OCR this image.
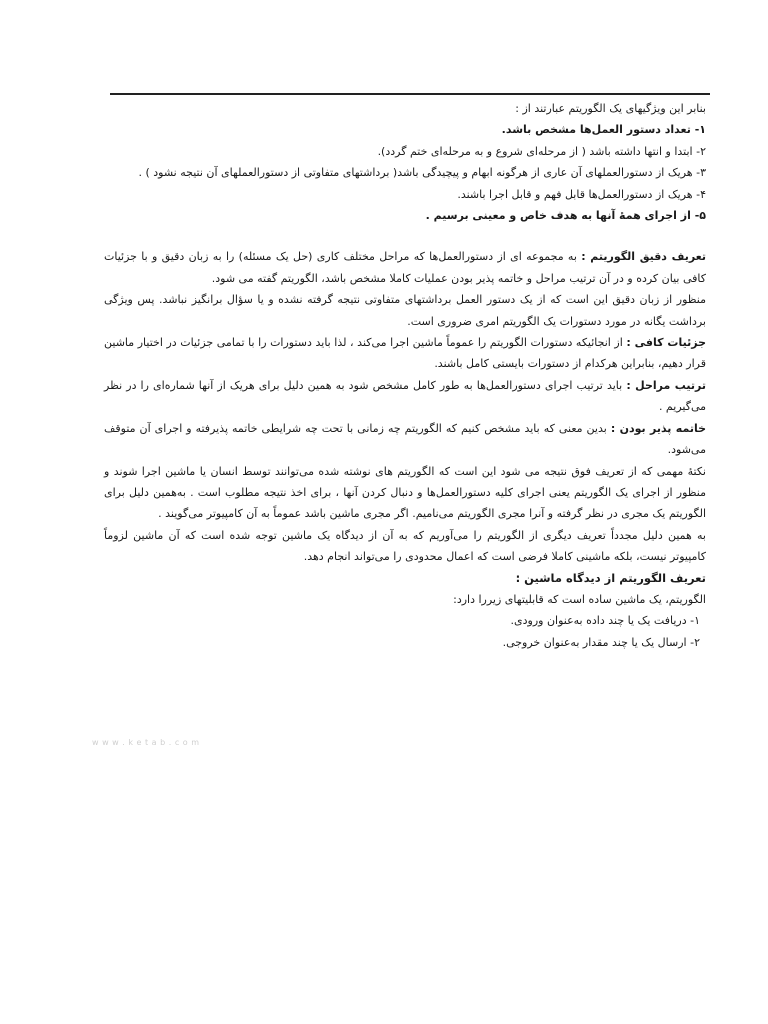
بنابر این ویژگیهای یک الگوریتم عبارتند از :

۱- تعداد دستور العمل‌ها مشخص باشد.

۲- ابتدا و انتها داشته باشد ( از مرحله‌ای شروع و به مرحله‌ای ختم گردد).

۳- هریک از دستورالعملهای آن عاری از هرگونه ابهام و پیچیدگی باشد( برداشتهای متفاوتی از دستورالعملهای آن نتیجه نشود ) .

۴- هریک از دستورالعمل‌ها قابل فهم و قابل اجرا باشند.

۵- از اجرای همهٔ آنها به هدف خاص و معینی برسیم .

تعریف دقیق الگوریتم : به مجموعه ای از دستورالعمل‌ها که مراحل مختلف کاری (حل یک مسئله) را به زبان دقیق و با جزئیات کافی بیان کرده و در آن ترتیب مراحل و خاتمه پذیر بودن عملیات کاملا مشخص باشد، الگوریتم گفته می شود.

منظور از زبان دقیق این است که از یک دستور العمل برداشتهای متفاوتی نتیجه گرفته نشده و یا سؤال برانگیز نباشد. پس ویژگی برداشت یگانه در مورد دستورات یک الگوریتم امری ضروری است.

جزئیات کافی : از انجائیکه دستورات الگوریتم را عموماً ماشین اجرا می‌کند ، لذا باید دستورات را با تمامی جزئیات در اختیار ماشین قرار دهیم، بنابراین هرکدام از دستورات بایستی کامل باشند.

ترتیب مراحل : باید ترتیب اجرای دستورالعمل‌ها به طور کامل مشخص شود به همین دلیل برای هریک از آنها شماره‌ای را در نظر می‌گیریم .

خاتمه پذیر بودن : بدین معنی که باید مشخص کنیم که الگوریتم چه زمانی با تحت چه شرایطی خاتمه پذیرفته و اجرای آن متوقف می‌شود.

نکتهٔ مهمی که از تعریف فوق نتیجه می شود این است که الگوریتم های نوشته شده می‌توانند توسط انسان یا ماشین اجرا شوند و منظور از اجرای یک الگوریتم یعنی اجرای کلیه دستورالعمل‌ها و دنبال کردن آنها ، برای اخذ نتیجه مطلوب است . به‌همین دلیل برای الگوریتم یک مجری در نظر گرفته و آنرا مجری الگوریتم می‌نامیم. اگر مجری ماشین باشد عموماً به آن کامپیوتر می‌گویند .

به همین دلیل مجدداً تعریف دیگری از الگوریتم را می‌آوریم که به آن از دیدگاه یک ماشین توجه شده است که آن ماشین لزوماً کامپیوتر نیست، بلکه ماشینی کاملا فرضی است که اعمال محدودی را می‌تواند انجام دهد.

تعریف الگوریتم از دیدگاه ماشین :

الگوریتم، یک ماشین ساده است که قابلیتهای زیررا دارد:

۱- دریافت یک یا چند داده به‌عنوان ورودی.

۲- ارسال یک یا چند مقدار به‌عنوان خروجی.

w w w . k e t a b . c o m
